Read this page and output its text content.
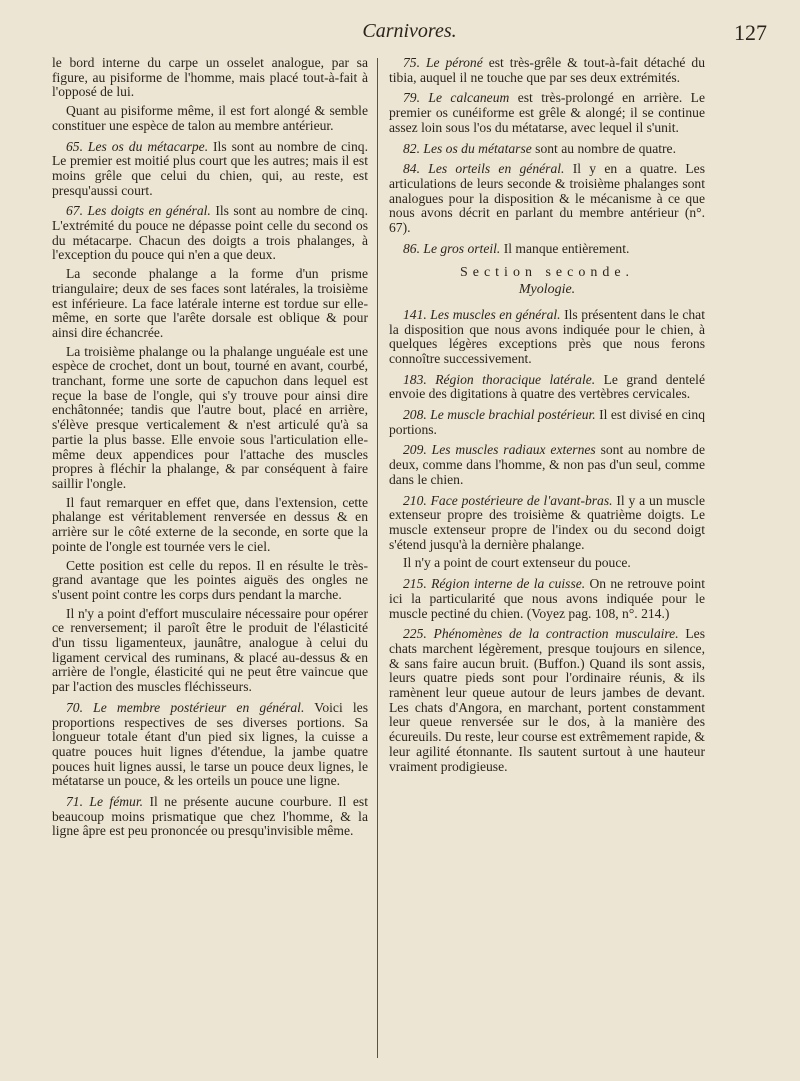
Carnivores.	127

le bord interne du carpe un osselet analogue, par sa figure, au pisiforme de l'homme, mais placé tout-à-fait à l'opposé de lui.

Quant au pisiforme même, il est fort alongé & semble constituer une espèce de talon au membre antérieur.

65. Les os du métacarpe. Ils sont au nombre de cinq. Le premier est moitié plus court que les autres; mais il est moins grêle que celui du chien, qui, au reste, est presqu'aussi court.

67. Les doigts en général. Ils sont au nombre de cinq. L'extrémité du pouce ne dépasse point celle du second os du métacarpe. Chacun des doigts a trois phalanges, à l'exception du pouce qui n'en a que deux.

La seconde phalange a la forme d'un prisme triangulaire; deux de ses faces sont latérales, la troisième est inférieure. La face latérale interne est tordue sur elle-même, en sorte que l'arête dorsale est oblique & pour ainsi dire échancrée.

La troisième phalange ou la phalange unguéale est une espèce de crochet, dont un bout, tourné en avant, courbé, tranchant, forme une sorte de capuchon dans lequel est reçue la base de l'ongle, qui s'y trouve pour ainsi dire enchâtonnée; tandis que l'autre bout, placé en arrière, s'élève presque verticalement & n'est articulé qu'à sa partie la plus basse. Elle envoie sous l'articulation elle-même deux appendices pour l'attache des muscles propres à fléchir la phalange, & par conséquent à faire saillir l'ongle.

Il faut remarquer en effet que, dans l'extension, cette phalange est véritablement renversée en dessus & en arrière sur le côté externe de la seconde, en sorte que la pointe de l'ongle est tournée vers le ciel.

Cette position est celle du repos. Il en résulte le très-grand avantage que les pointes aiguës des ongles ne s'usent point contre les corps durs pendant la marche.

Il n'y a point d'effort musculaire nécessaire pour opérer ce renversement; il paroît être le produit de l'élasticité d'un tissu ligamenteux, jaunâtre, analogue à celui du ligament cervical des ruminans, & placé au-dessus & en arrière de l'ongle, élasticité qui ne peut être vaincue que par l'action des muscles fléchisseurs.

70. Le membre postérieur en général. Voici les proportions respectives de ses diverses portions. Sa longueur totale étant d'un pied six lignes, la cuisse a quatre pouces huit lignes d'étendue, la jambe quatre pouces huit lignes aussi, le tarse un pouce deux lignes, le métatarse un pouce, & les orteils un pouce une ligne.

71. Le fémur. Il ne présente aucune courbure. Il est beaucoup moins prismatique que chez l'homme, & la ligne âpre est peu prononcée ou presqu'invisible même.

75. Le péroné est très-grêle & tout-à-fait détaché du tibia, auquel il ne touche que par ses deux extrémités.

79. Le calcaneum est très-prolongé en arrière. Le premier os cunéiforme est grêle & alongé; il se continue assez loin sous l'os du métatarse, avec lequel il s'unit.

82. Les os du métatarse sont au nombre de quatre.

84. Les orteils en général. Il y en a quatre. Les articulations de leurs seconde & troisième phalanges sont analogues pour la disposition & le mécanisme à ce que nous avons décrit en parlant du membre antérieur (n°. 67).

86. Le gros orteil. Il manque entièrement.

Section seconde.
Myologie.

141. Les muscles en général. Ils présentent dans le chat la disposition que nous avons indiquée pour le chien, à quelques légères exceptions près que nous ferons connoître successivement.

183. Région thoracique latérale. Le grand dentelé envoie des digitations à quatre des vertèbres cervicales.

208. Le muscle brachial postérieur. Il est divisé en cinq portions.

209. Les muscles radiaux externes sont au nombre de deux, comme dans l'homme, & non pas d'un seul, comme dans le chien.

210. Face postérieure de l'avant-bras. Il y a un muscle extenseur propre des troisième & quatrième doigts. Le muscle extenseur propre de l'index ou du second doigt s'étend jusqu'à la dernière phalange.

Il n'y a point de court extenseur du pouce.

215. Région interne de la cuisse. On ne retrouve point ici la particularité que nous avons indiquée pour le muscle pectiné du chien. (Voyez pag. 108, n°. 214.)

225. Phénomènes de la contraction musculaire. Les chats marchent légèrement, presque toujours en silence, & sans faire aucun bruit. (Buffon.) Quand ils sont assis, leurs quatre pieds sont pour l'ordinaire réunis, & ils ramènent leur queue autour de leurs jambes de devant. Les chats d'Angora, en marchant, portent constamment leur queue renversée sur le dos, à la manière des écureuils. Du reste, leur course est extrêmement rapide, & leur agilité étonnante. Ils sautent surtout à une hauteur vraiment prodigieuse.
